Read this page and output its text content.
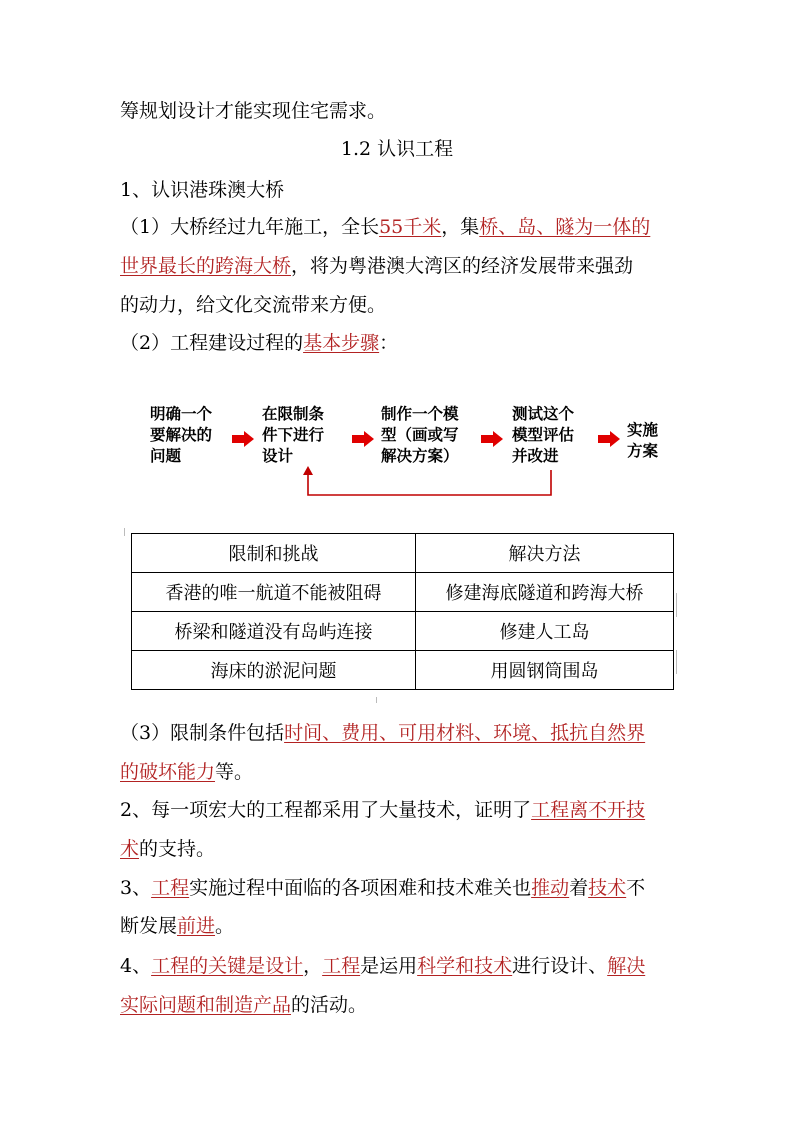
筹规划设计才能实现住宅需求。
1.2 认识工程
1、认识港珠澳大桥
（1）大桥经过九年施工，全长55千米，集桥、岛、隧为一体的
世界最长的跨海大桥，将为粤港澳大湾区的经济发展带来强劲
的动力，给文化交流带来方便。
（2）工程建设过程的基本步骤：
明确一个
要解决的
问题
在限制条
件下进行
设计
制作一个模
型（画或写
解决方案）
测试这个
模型评估
并改进
实施
方案
限制和挑战	解决方法
香港的唯一航道不能被阻碍	修建海底隧道和跨海大桥
桥梁和隧道没有岛屿连接	修建人工岛
海床的淤泥问题	用圆钢筒围岛
（3）限制条件包括时间、费用、可用材料、环境、抵抗自然界
的破坏能力等。
2、每一项宏大的工程都采用了大量技术，证明了工程离不开技
术的支持。
3、工程实施过程中面临的各项困难和技术难关也推动着技术不
断发展前进。
4、工程的关键是设计，工程是运用科学和技术进行设计、解决
实际问题和制造产品的活动。
